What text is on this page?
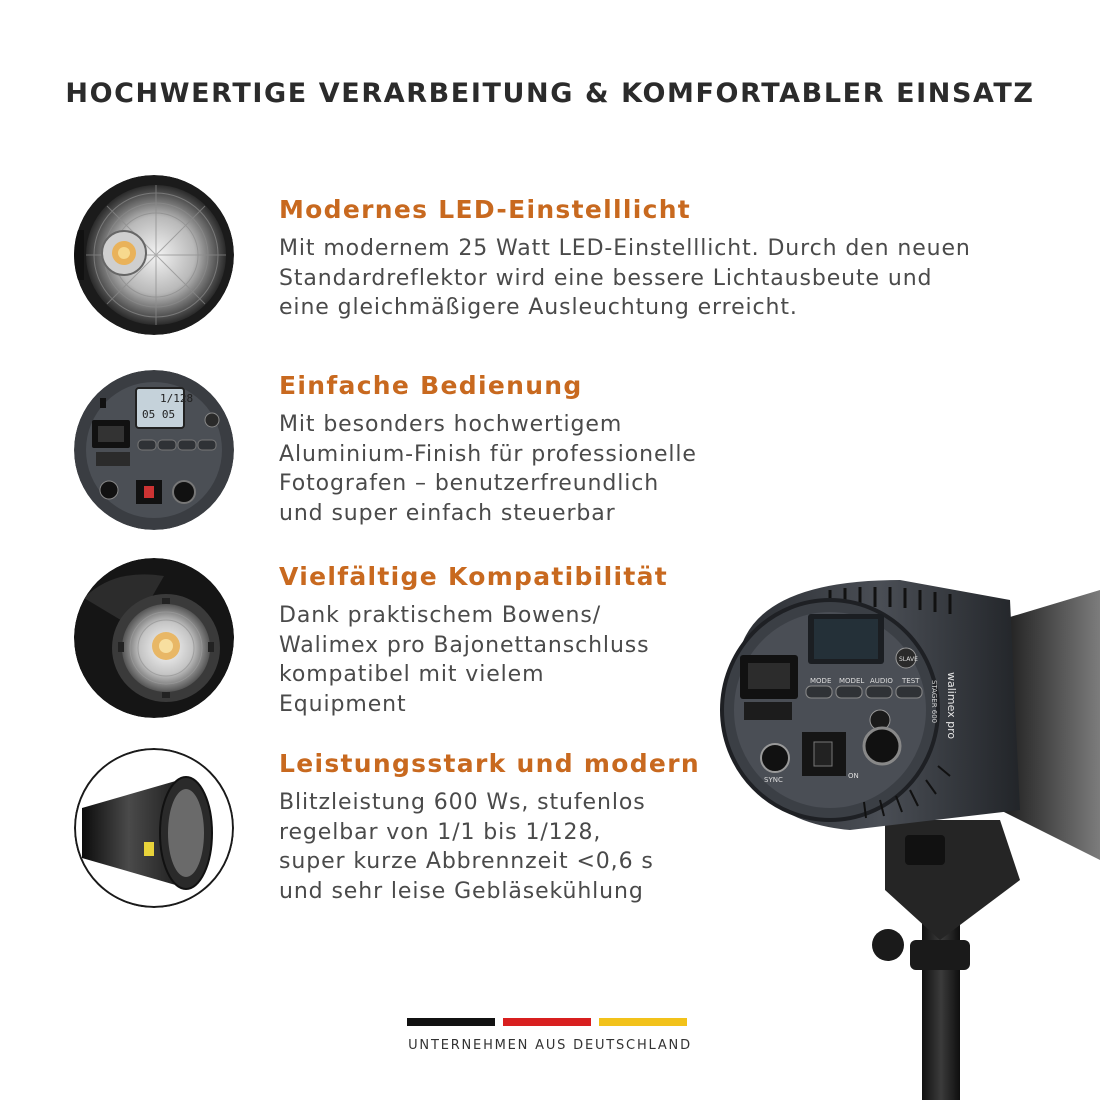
HOCHWERTIGE VERARBEITUNG & KOMFORTABLER EINSATZ

Modernes LED-Einstelllicht

Mit modernem 25 Watt LED-Einstelllicht. Durch den neuen
Standardreflektor wird eine bessere Lichtausbeute und
eine gleichmäßigere Ausleuchtung erreicht.

1/128
05 05

Einfache Bedienung

Mit besonders hochwertigem
Aluminium-Finish für professionelle
Fotografen – benutzerfreundlich
und super einfach steuerbar

Vielfältige Kompatibilität

Dank praktischem Bowens/
Walimex pro Bajonettanschluss
kompatibel mit vielem
Equipment

Leistungsstark und modern

Blitzleistung 600 Ws, stufenlos
regelbar von 1/1 bis 1/128,
super kurze Abbrennzeit <0,6 s
und sehr leise Gebläsekühlung

MODE MODEL AUDIO TEST
SLAVE
SYNC	ON
walimex pro
STAGER 600
UNTERNEHMEN AUS DEUTSCHLAND
